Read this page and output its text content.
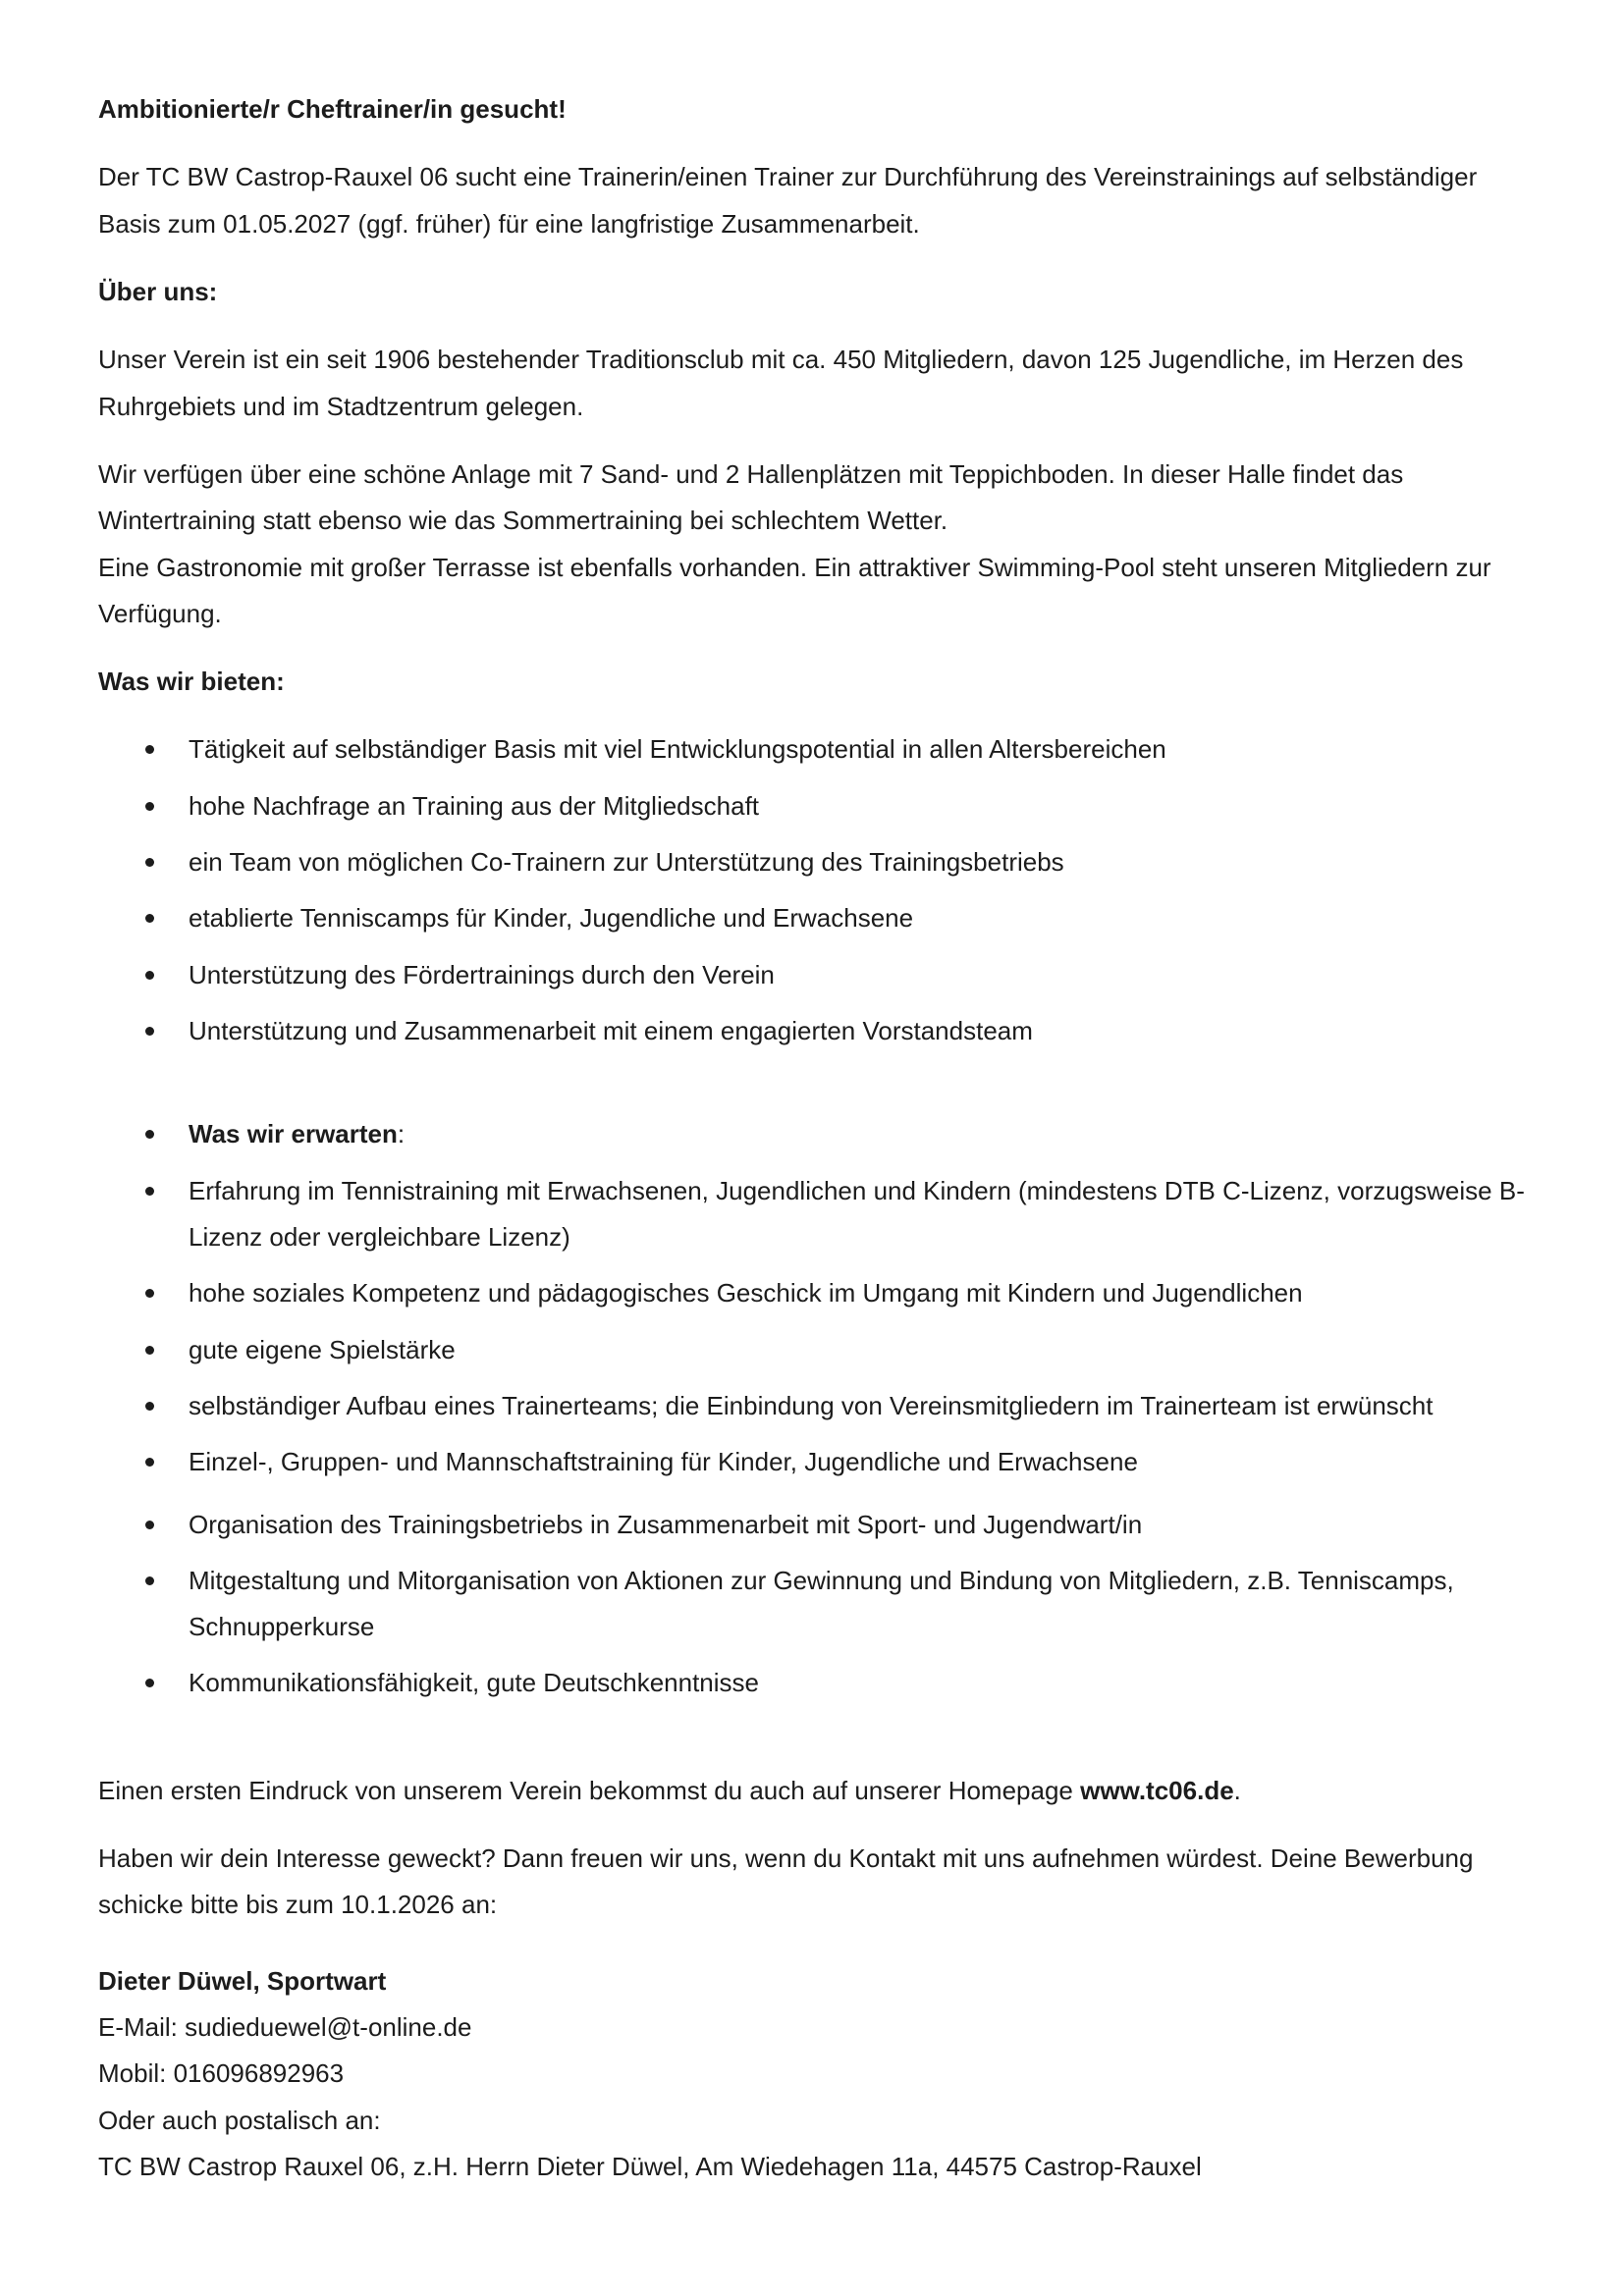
Ambitionierte/r Cheftrainer/in gesucht!

Der TC BW Castrop-Rauxel 06 sucht eine Trainerin/einen Trainer zur Durchführung des Vereinstrainings auf selbständiger Basis zum 01.05.2027 (ggf. früher) für eine langfristige Zusammenarbeit.

Über uns:

Unser Verein ist ein seit 1906 bestehender Traditionsclub mit ca. 450 Mitgliedern, davon 125 Jugendliche, im Herzen des Ruhrgebiets und im Stadtzentrum gelegen.

Wir verfügen über eine schöne Anlage mit 7 Sand- und 2 Hallenplätzen mit Teppichboden. In dieser Halle findet das Wintertraining statt ebenso wie das Sommertraining bei schlechtem Wetter.

Eine Gastronomie mit großer Terrasse ist ebenfalls vorhanden. Ein attraktiver Swimming-Pool steht unseren Mitgliedern zur Verfügung.

Was wir bieten:
Tätigkeit auf selbständiger Basis mit viel Entwicklungspotential in allen Altersbereichen
hohe Nachfrage an Training aus der Mitgliedschaft
ein Team von möglichen Co-Trainern zur Unterstützung des Trainingsbetriebs
etablierte Tenniscamps für Kinder, Jugendliche und Erwachsene
Unterstützung des Fördertrainings durch den Verein
Unterstützung und Zusammenarbeit mit einem engagierten Vorstandsteam
Was wir erwarten:
Erfahrung im Tennistraining mit Erwachsenen, Jugendlichen und Kindern (mindestens DTB C-Lizenz, vorzugsweise B-Lizenz oder vergleichbare Lizenz)
hohe soziales Kompetenz und pädagogisches Geschick im Umgang mit Kindern und Jugendlichen
gute eigene Spielstärke
selbständiger Aufbau eines Trainerteams; die Einbindung von Vereinsmitgliedern im Trainerteam ist erwünscht
Einzel-, Gruppen- und Mannschaftstraining für Kinder, Jugendliche und Erwachsene
Organisation des Trainingsbetriebs in Zusammenarbeit mit Sport- und Jugendwart/in
Mitgestaltung und Mitorganisation von Aktionen zur Gewinnung und Bindung von Mitgliedern, z.B. Tenniscamps, Schnupperkurse
Kommunikationsfähigkeit, gute Deutschkenntnisse

Einen ersten Eindruck von unserem Verein bekommst du auch auf unserer Homepage www.tc06.de.

Haben wir dein Interesse geweckt? Dann freuen wir uns, wenn du Kontakt mit uns aufnehmen würdest. Deine Bewerbung schicke bitte bis zum 10.1.2026 an:

Dieter Düwel, Sportwart
E-Mail: sudieduewel@t-online.de
Mobil: 016096892963
Oder auch postalisch an:
TC BW Castrop Rauxel 06, z.H. Herrn Dieter Düwel, Am Wiedehagen 11a, 44575 Castrop-Rauxel
